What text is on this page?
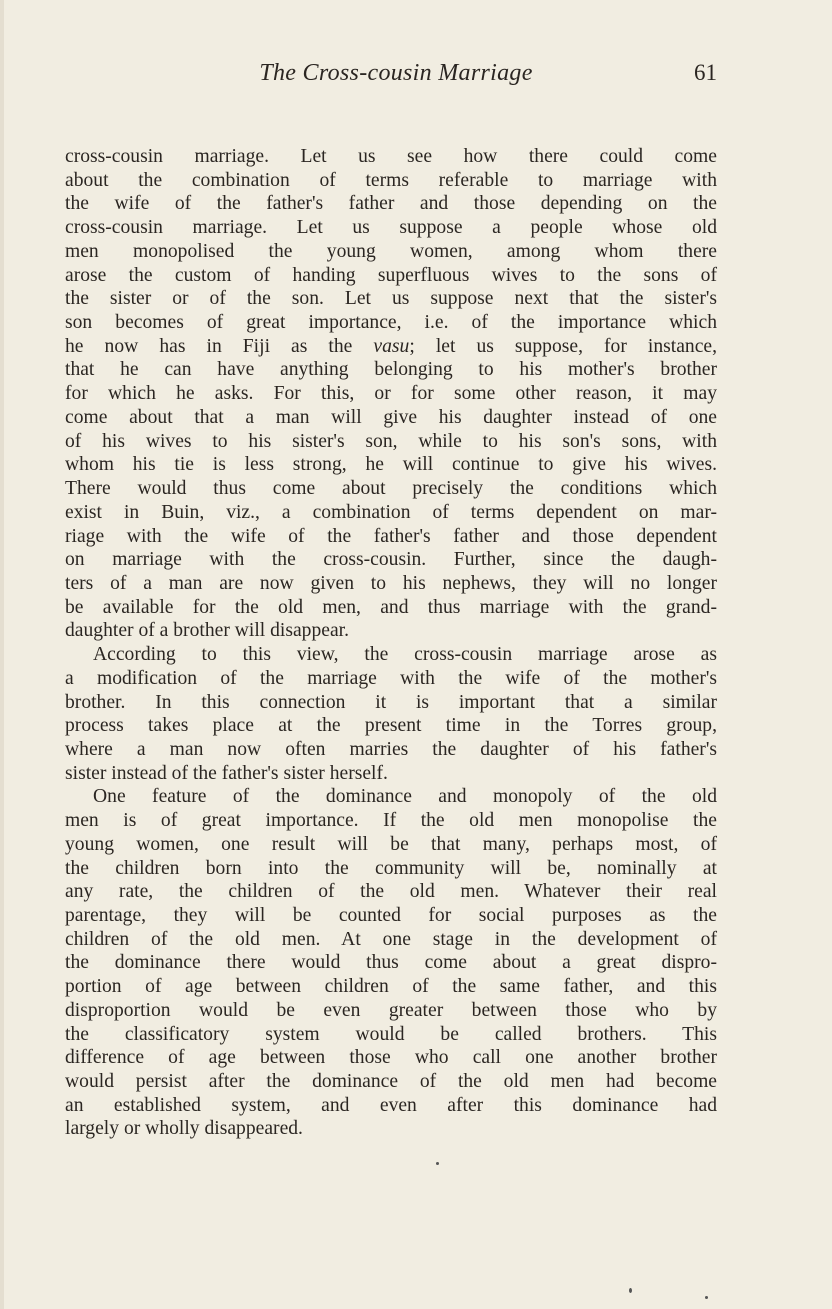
The Cross-cousin Marriage	61
cross-cousin marriage. Let us see how there could come
about the combination of terms referable to marriage with
the wife of the father's father and those depending on the
cross-cousin marriage. Let us suppose a people whose old
men monopolised the young women, among whom there
arose the custom of handing superfluous wives to the sons of
the sister or of the son. Let us suppose next that the sister's
son becomes of great importance, i.e. of the importance which
he now has in Fiji as the vasu; let us suppose, for instance,
that he can have anything belonging to his mother's brother
for which he asks. For this, or for some other reason, it may
come about that a man will give his daughter instead of one
of his wives to his sister's son, while to his son's sons, with
whom his tie is less strong, he will continue to give his wives.
There would thus come about precisely the conditions which
exist in Buin, viz., a combination of terms dependent on mar-
riage with the wife of the father's father and those dependent
on marriage with the cross-cousin. Further, since the daugh-
ters of a man are now given to his nephews, they will no longer
be available for the old men, and thus marriage with the grand-
daughter of a brother will disappear.
According to this view, the cross-cousin marriage arose as
a modification of the marriage with the wife of the mother's
brother. In this connection it is important that a similar
process takes place at the present time in the Torres group,
where a man now often marries the daughter of his father's
sister instead of the father's sister herself.
One feature of the dominance and monopoly of the old
men is of great importance. If the old men monopolise the
young women, one result will be that many, perhaps most, of
the children born into the community will be, nominally at
any rate, the children of the old men. Whatever their real
parentage, they will be counted for social purposes as the
children of the old men. At one stage in the development of
the dominance there would thus come about a great dispro-
portion of age between children of the same father, and this
disproportion would be even greater between those who by
the classificatory system would be called brothers. This
difference of age between those who call one another brother
would persist after the dominance of the old men had become
an established system, and even after this dominance had
largely or wholly disappeared.
